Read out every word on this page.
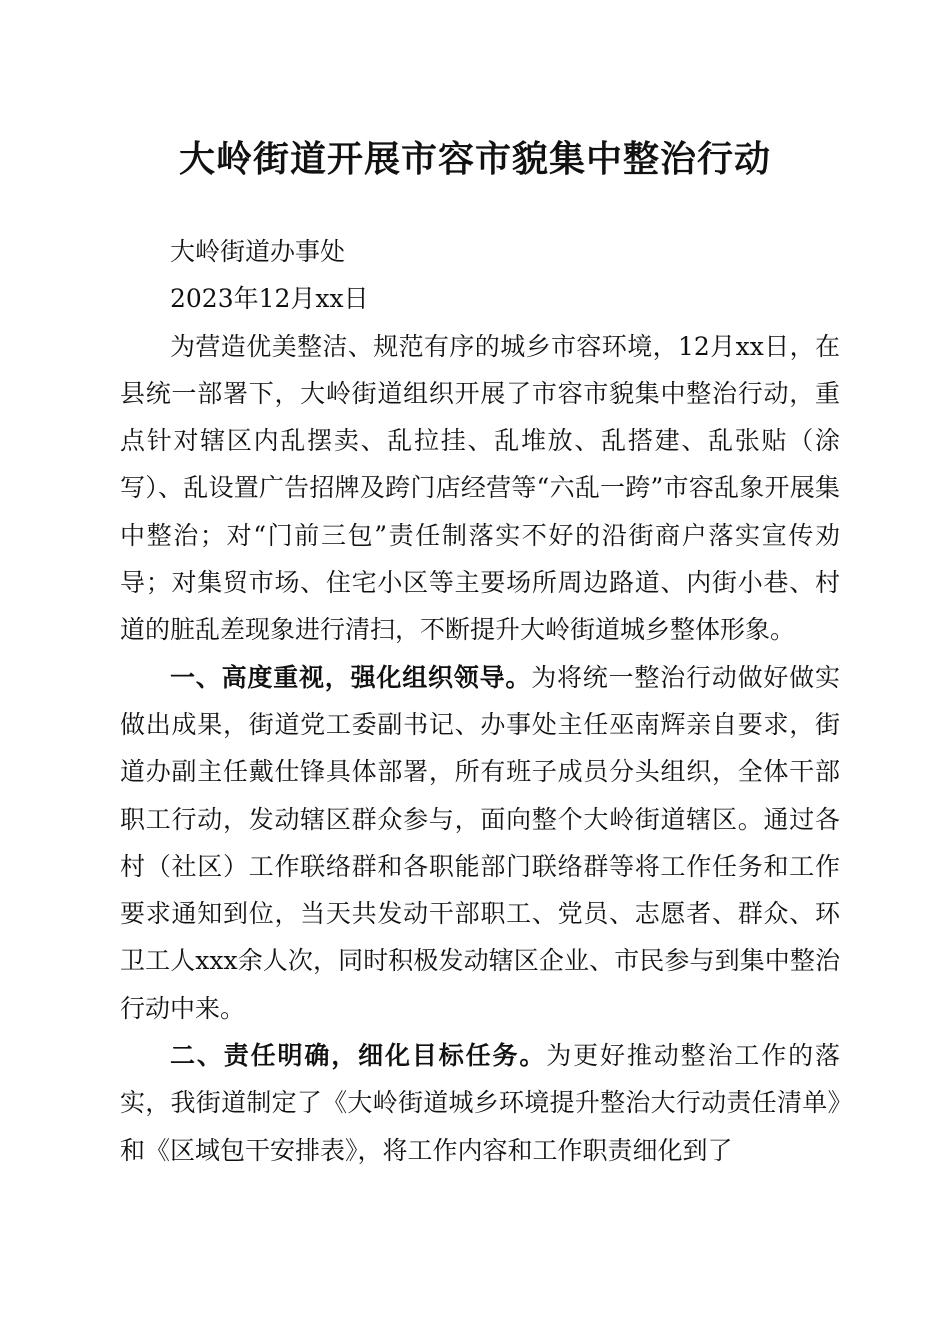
大岭街道开展市容市貌集中整治行动

大岭街道办事处

2023年12月xx日

为营造优美整洁、规范有序的城乡市容环境，12月xx日，在县统一部署下，大岭街道组织开展了市容市貌集中整治行动，重点针对辖区内乱摆卖、乱拉挂、乱堆放、乱搭建、乱张贴（涂写）、乱设置广告招牌及跨门店经营等“六乱一跨”市容乱象开展集中整治；对“门前三包”责任制落实不好的沿街商户落实宣传劝导；对集贸市场、住宅小区等主要场所周边路道、内街小巷、村道的脏乱差现象进行清扫，不断提升大岭街道城乡整体形象。

一、高度重视，强化组织领导。为将统一整治行动做好做实做出成果，街道党工委副书记、办事处主任巫南辉亲自要求，街道办副主任戴仕锋具体部署，所有班子成员分头组织，全体干部职工行动，发动辖区群众参与，面向整个大岭街道辖区。通过各村（社区）工作联络群和各职能部门联络群等将工作任务和工作要求通知到位，当天共发动干部职工、党员、志愿者、群众、环卫工人xxx余人次，同时积极发动辖区企业、市民参与到集中整治行动中来。

二、责任明确，细化目标任务。为更好推动整治工作的落实，我街道制定了《大岭街道城乡环境提升整治大行动责任清单》和《区域包干安排表》，将工作内容和工作职责细化到了
